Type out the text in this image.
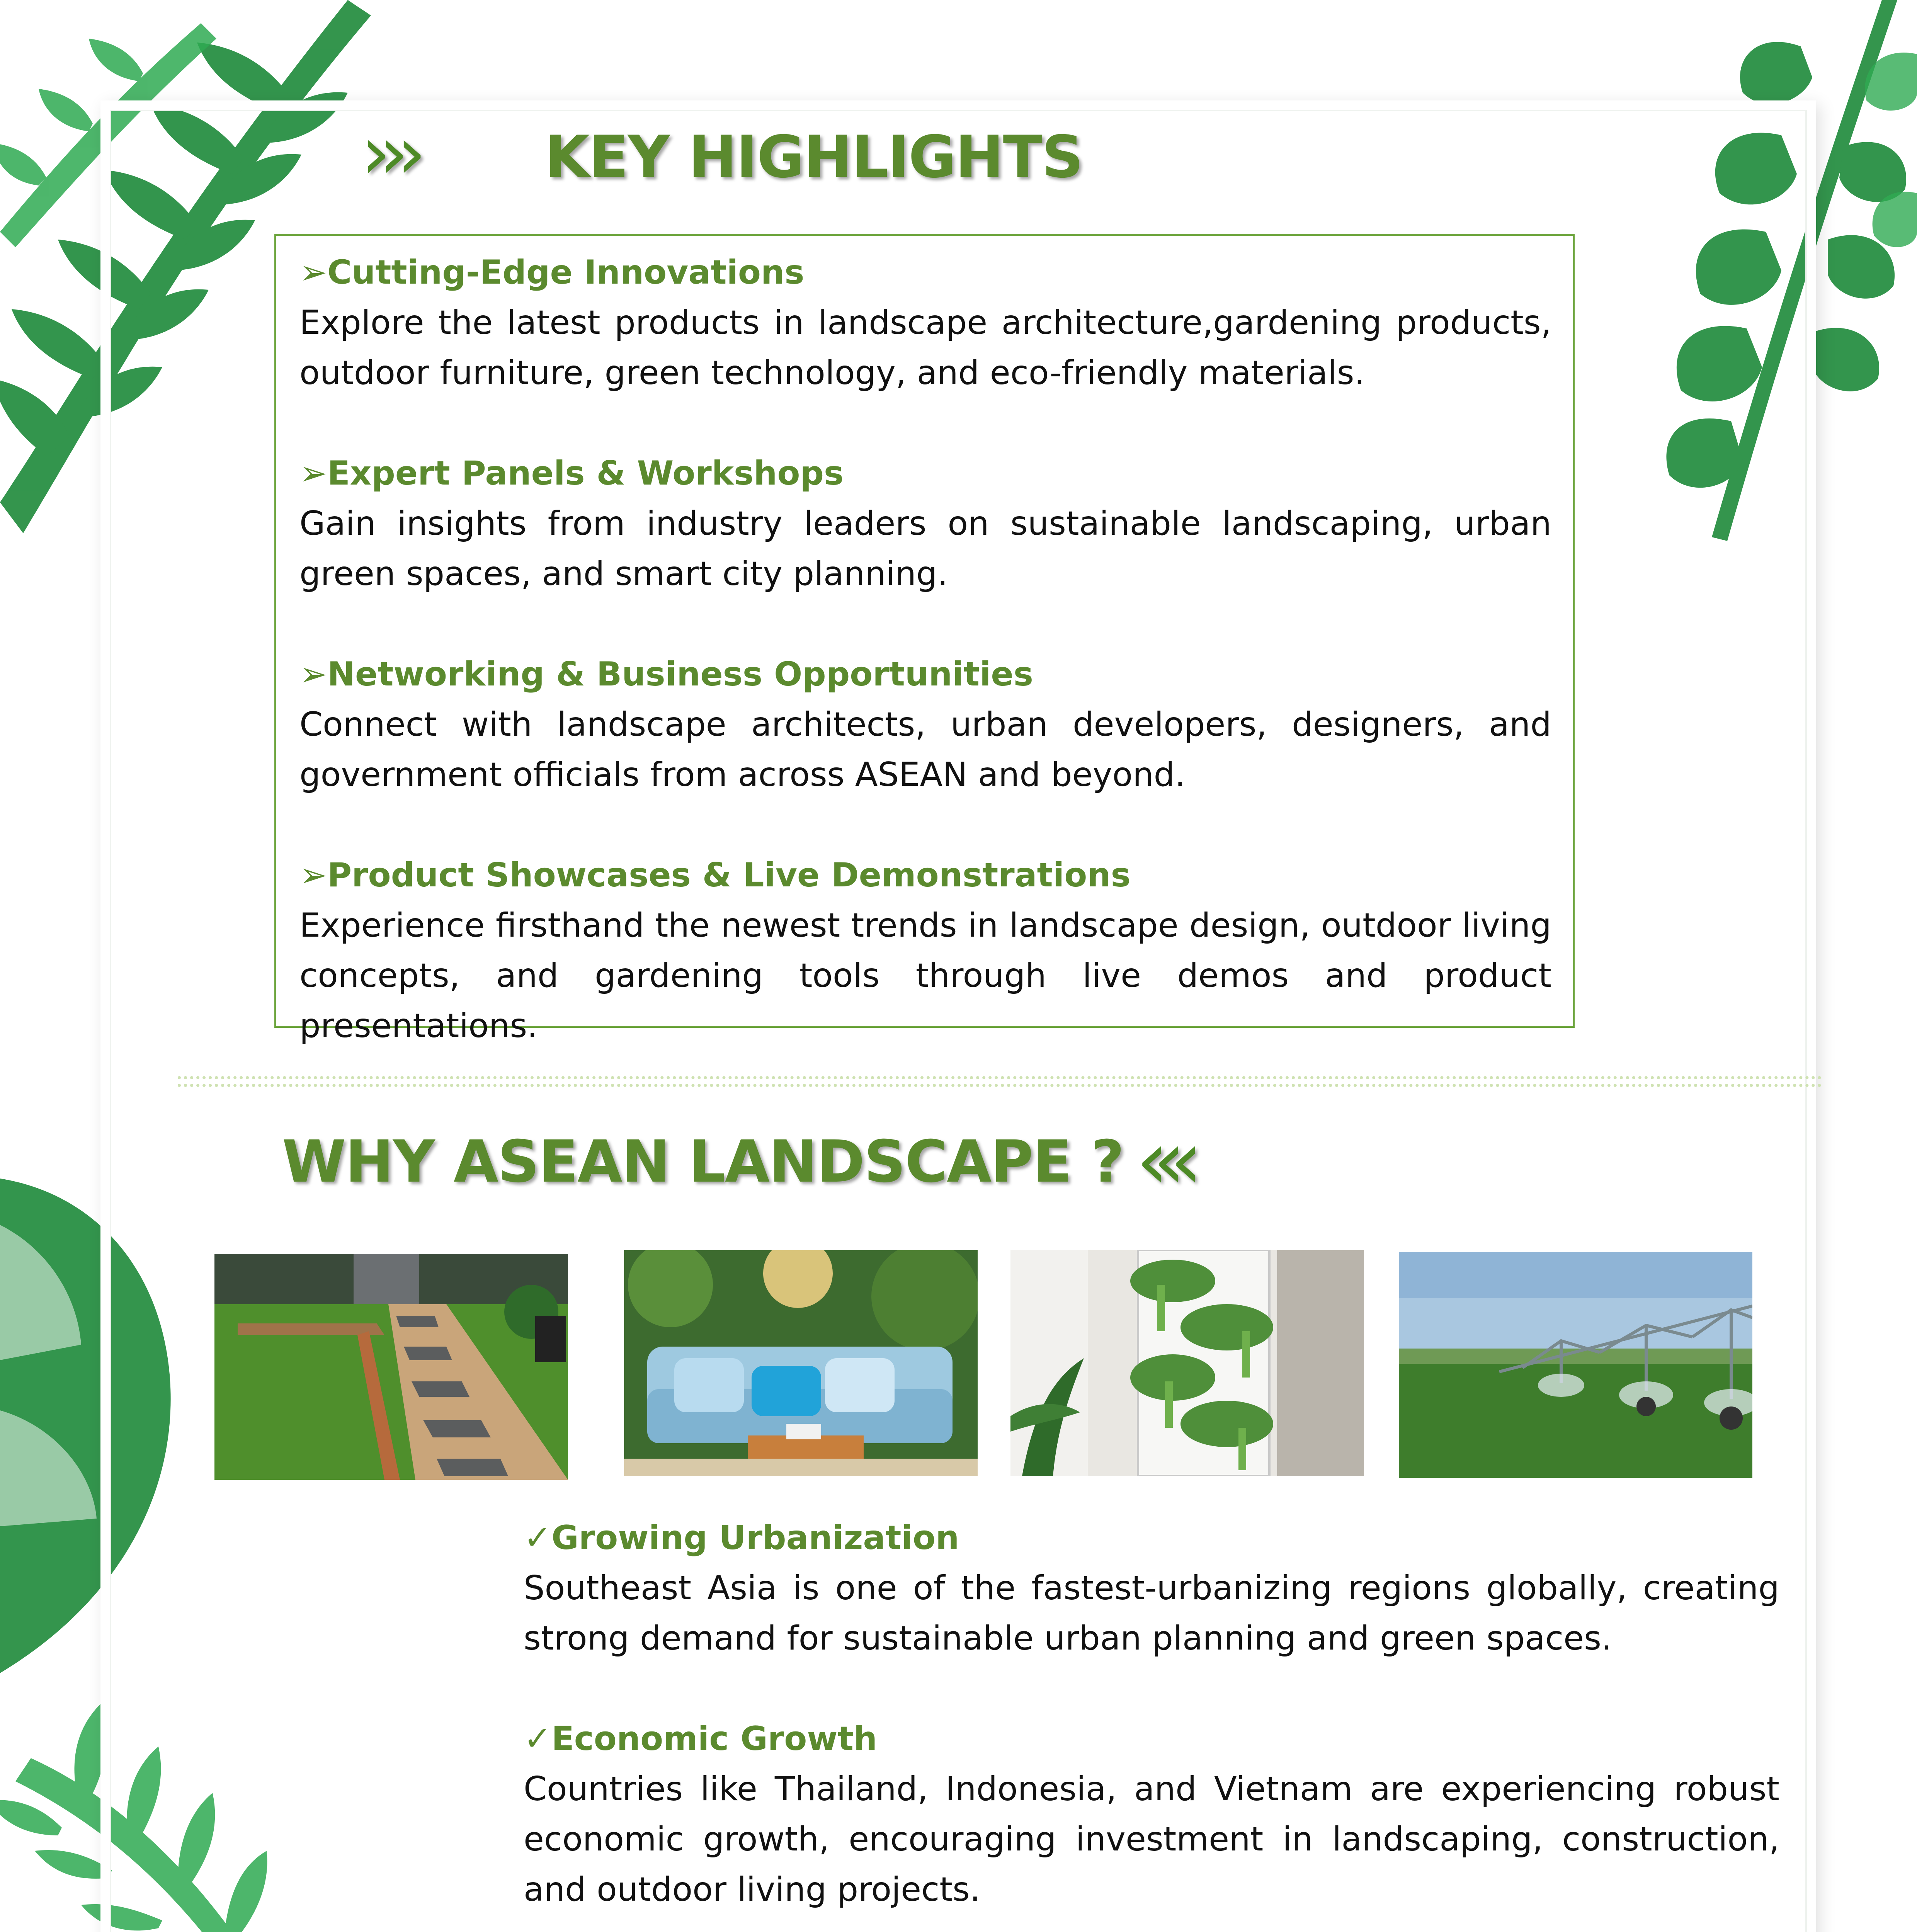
››› KEY HIGHLIGHTS
➢Cutting-Edge Innovations
Explore the latest products in landscape architecture,gardening products, outdoor furniture, green technology, and eco-friendly materials.
➢Expert Panels & Workshops
Gain insights from industry leaders on sustainable landscaping, urban green spaces, and smart city planning.
➢Networking & Business Opportunities
Connect with landscape architects, urban developers, designers, and government officials from across ASEAN and beyond.
➢Product Showcases & Live Demonstrations
Experience firsthand the newest trends in landscape design, outdoor living concepts, and gardening tools through live demos and product presentations.
WHY ASEAN LANDSCAPE ? ‹‹‹
✓Growing Urbanization
Southeast Asia is one of the fastest-urbanizing regions globally, creating strong demand for sustainable urban planning and green spaces.
✓Economic Growth
Countries like Thailand, Indonesia, and Vietnam are experiencing robust economic growth, encouraging investment in landscaping, construction, and outdoor living projects.
